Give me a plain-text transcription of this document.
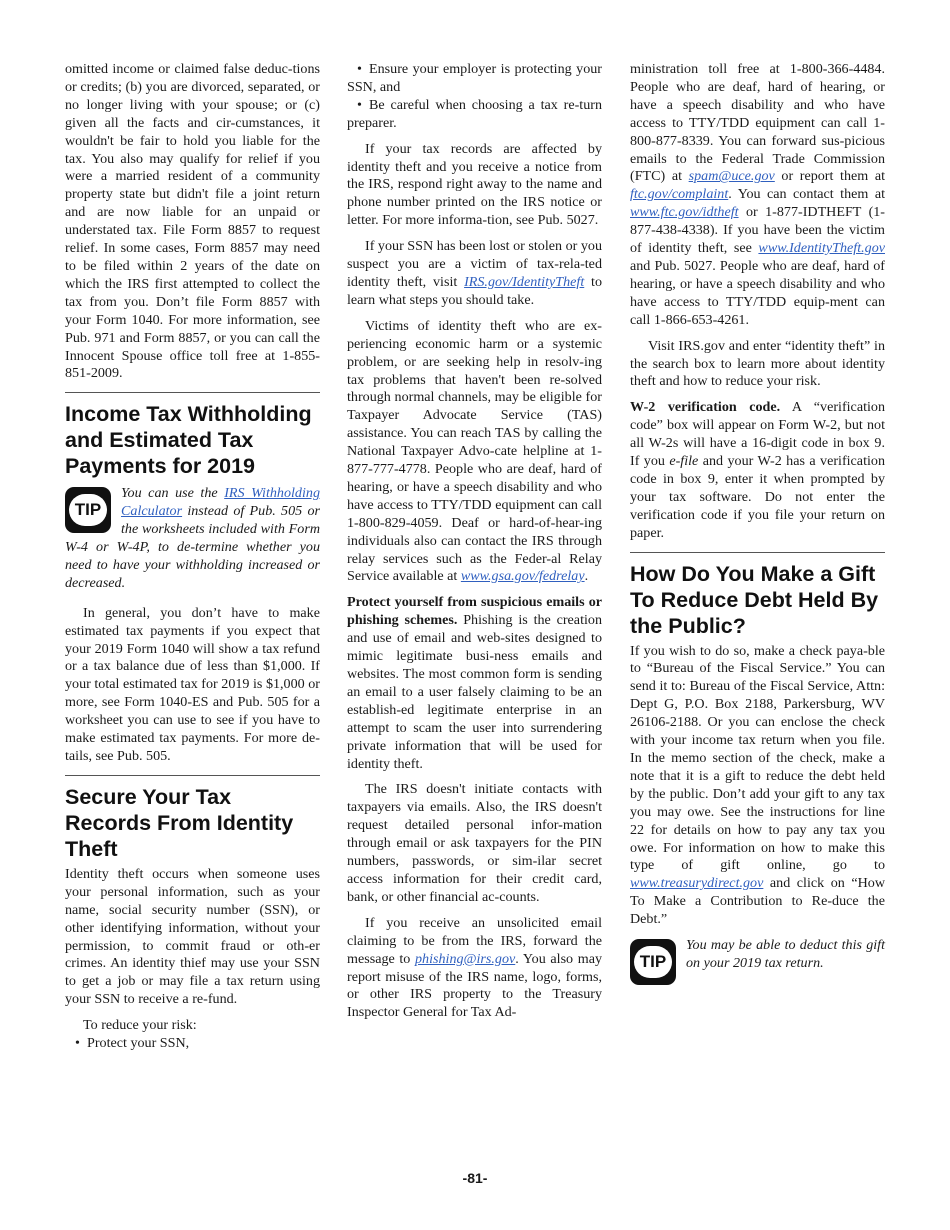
omitted income or claimed false deduc-tions or credits; (b) you are divorced, separated, or no longer living with your spouse; or (c) given all the facts and cir-cumstances, it wouldn't be fair to hold you liable for the tax. You also may qualify for relief if you were a married resident of a community property state but didn't file a joint return and are now liable for an unpaid or understated tax. File Form 8857 to request relief. In some cases, Form 8857 may need to be filed within 2 years of the date on which the IRS first attempted to collect the tax from you. Don’t file Form 8857 with your Form 1040. For more information, see Pub. 971 and Form 8857, or you can call the Innocent Spouse office toll free at 1-855-851-2009.

Income Tax Withholding and Estimated Tax Payments for 2019
TIP

You can use the IRS Withholding Calculator instead of Pub. 505 or the worksheets included with Form W-4 or W-4P, to de-termine whether you need to have your withholding increased or decreased.

In general, you don’t have to make estimated tax payments if you expect that your 2019 Form 1040 will show a tax refund or a tax balance due of less than $1,000. If your total estimated tax for 2019 is $1,000 or more, see Form 1040-ES and Pub. 505 for a worksheet you can use to see if you have to make estimated tax payments. For more de-tails, see Pub. 505.

Secure Your Tax Records From Identity Theft

Identity theft occurs when someone uses your personal information, such as your name, social security number (SSN), or other identifying information, without your permission, to commit fraud or oth-er crimes. An identity thief may use your SSN to get a job or may file a tax return using your SSN to receive a re-fund.

To reduce your risk:

• Protect your SSN,
• Ensure your employer is protecting your SSN, and
• Be careful when choosing a tax re-turn preparer.

If your tax records are affected by identity theft and you receive a notice from the IRS, respond right away to the name and phone number printed on the IRS notice or letter. For more informa-tion, see Pub. 5027.

If your SSN has been lost or stolen or you suspect you are a victim of tax-rela-ted identity theft, visit IRS.gov/IdentityTheft to learn what steps you should take.

Victims of identity theft who are ex-periencing economic harm or a systemic problem, or are seeking help in resolv-ing tax problems that haven't been re-solved through normal channels, may be eligible for Taxpayer Advocate Service (TAS) assistance. You can reach TAS by calling the National Taxpayer Advo-cate helpline at 1-877-777-4778. People who are deaf, hard of hearing, or have a speech disability and who have access to TTY/TDD equipment can call 1-800-829-4059. Deaf or hard-of-hear-ing individuals also can contact the IRS through relay services such as the Feder-al Relay Service available at www.gsa.gov/fedrelay.

Protect yourself from suspicious emails or phishing schemes. Phishing is the creation and use of email and web-sites designed to mimic legitimate busi-ness emails and websites. The most common form is sending an email to a user falsely claiming to be an establish-ed legitimate enterprise in an attempt to scam the user into surrendering private information that will be used for identity theft.

The IRS doesn't initiate contacts with taxpayers via emails. Also, the IRS doesn't request detailed personal infor-mation through email or ask taxpayers for the PIN numbers, passwords, or sim-ilar secret access information for their credit card, bank, or other financial ac-counts.

If you receive an unsolicited email claiming to be from the IRS, forward the message to phishing@irs.gov. You also may report misuse of the IRS name, logo, forms, or other IRS property to the Treasury Inspector General for Tax Ad-

ministration toll free at 1-800-366-4484. People who are deaf, hard of hearing, or have a speech disability and who have access to TTY/TDD equipment can call 1-800-877-8339. You can forward sus-picious emails to the Federal Trade Commission (FTC) at spam@uce.gov or report them at ftc.gov/complaint. You can contact them at www.ftc.gov/idtheft or 1-877-IDTHEFT (1-877-438-4338). If you have been the victim of identity theft, see www.IdentityTheft.gov and Pub. 5027. People who are deaf, hard of hearing, or have a speech disability and who have access to TTY/TDD equip-ment can call 1-866-653-4261.

Visit IRS.gov and enter “identity theft” in the search box to learn more about identity theft and how to reduce your risk.

W-2 verification code. A “verification code” box will appear on Form W-2, but not all W-2s will have a 16-digit code in box 9. If you e-file and your W-2 has a verification code in box 9, enter it when prompted by your tax software. Do not enter the verification code if you file your return on paper.

How Do You Make a Gift To Reduce Debt Held By the Public?

If you wish to do so, make a check paya-ble to “Bureau of the Fiscal Service.” You can send it to: Bureau of the Fiscal Service, Attn: Dept G, P.O. Box 2188, Parkersburg, WV 26106-2188. Or you can enclose the check with your income tax return when you file. In the memo section of the check, make a note that it is a gift to reduce the debt held by the public. Don’t add your gift to any tax you may owe. See the instructions for line 22 for details on how to pay any tax you owe. For information on how to make this type of gift online, go to www.treasurydirect.gov and click on “How To Make a Contribution to Re-duce the Debt.”

TIP

You may be able to deduct this gift on your 2019 tax return.

-81-
